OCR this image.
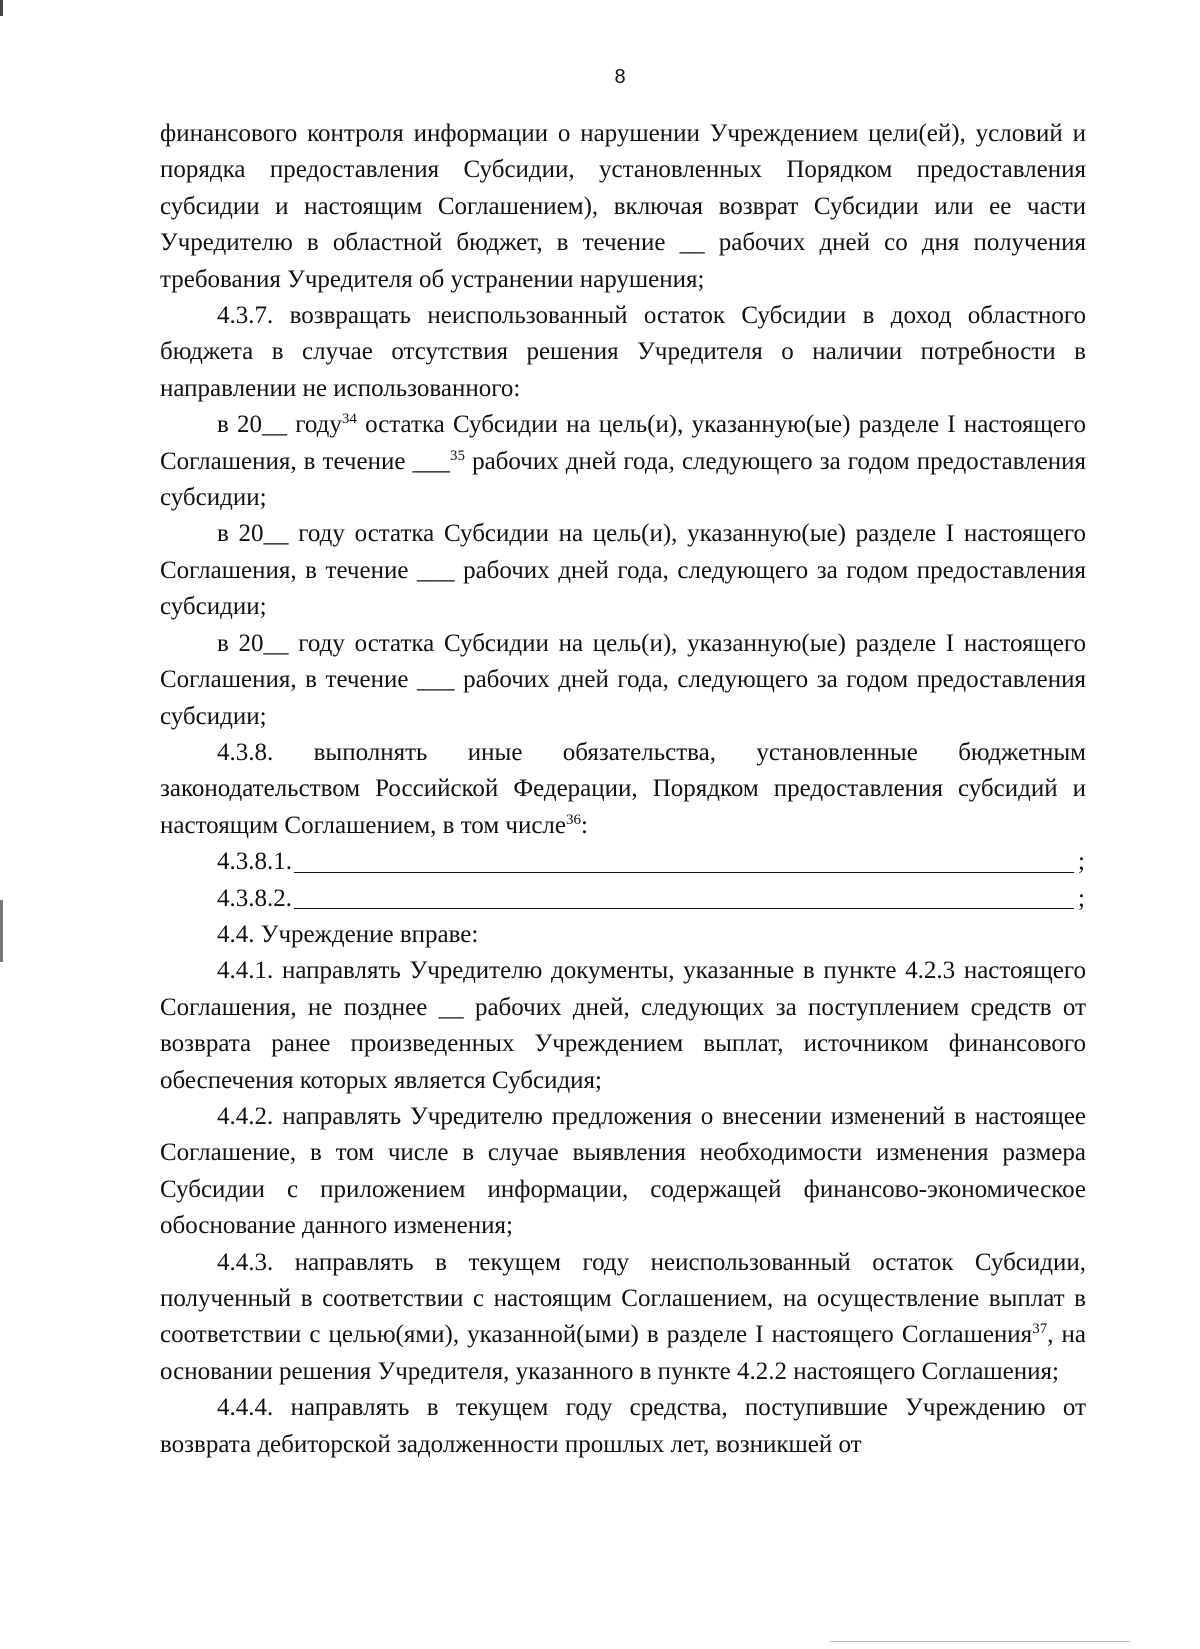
8

финансового контроля информации о нарушении Учреждением цели(ей), условий и порядка предоставления Субсидии, установленных Порядком предоставления субсидии и настоящим Соглашением), включая возврат Субсидии или ее части Учредителю в областной бюджет, в течение __ рабочих дней со дня получения требования Учредителя об устранении нарушения;

4.3.7. возвращать неиспользованный остаток Субсидии в доход областного бюджета в случае отсутствия решения Учредителя о наличии потребности в направлении не использованного:

в 20__ году$^{34}$ остатка Субсидии на цель(и), указанную(ые) разделе I настоящего Соглашения, в течение ___$^{35}$ рабочих дней года, следующего за годом предоставления субсидии;

в 20__ году остатка Субсидии на цель(и), указанную(ые) разделе I настоящего Соглашения, в течение ___ рабочих дней года, следующего за годом предоставления субсидии;

в 20__ году остатка Субсидии на цель(и), указанную(ые) разделе I настоящего Соглашения, в течение ___ рабочих дней года, следующего за годом предоставления субсидии;

4.3.8. выполнять иные обязательства, установленные бюджетным законодательством Российской Федерации, Порядком предоставления субсидий и настоящим Соглашением, в том числе$^{36}$:

4.3.8.1.	;
4.3.8.2.	;

4.4. Учреждение вправе:

4.4.1. направлять Учредителю документы, указанные в пункте 4.2.3 настоящего Соглашения, не позднее __ рабочих дней, следующих за поступлением средств от возврата ранее произведенных Учреждением выплат, источником финансового обеспечения которых является Субсидия;

4.4.2. направлять Учредителю предложения о внесении изменений в настоящее Соглашение, в том числе в случае выявления необходимости изменения размера Субсидии с приложением информации, содержащей финансово-экономическое обоснование данного изменения;

4.4.3. направлять в текущем году неиспользованный остаток Субсидии, полученный в соответствии с настоящим Соглашением, на осуществление выплат в соответствии с целью(ями), указанной(ыми) в разделе I настоящего Соглашения$^{37}$, на основании решения Учредителя, указанного в пункте 4.2.2 настоящего Соглашения;

4.4.4. направлять в текущем году средства, поступившие Учреждению от возврата дебиторской задолженности прошлых лет, возникшей от
